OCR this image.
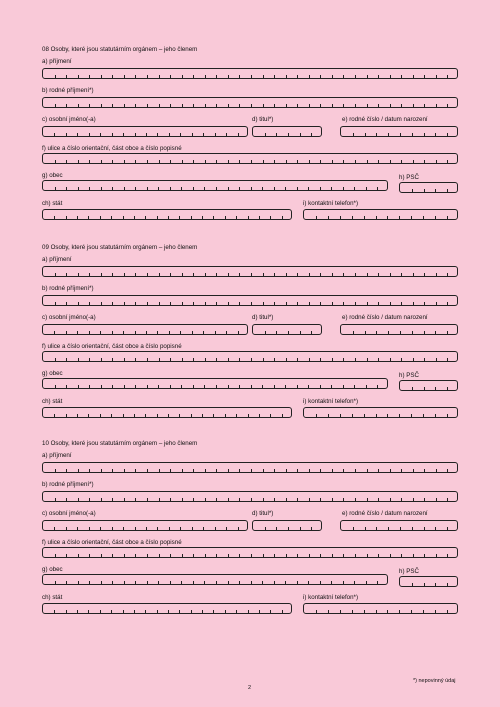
08 Osoby, které jsou statutárním orgánem – jeho členem
a) příjmení
b) rodné příjmení*)
c) osobní jméno(-a)	d) titul*)	e) rodné číslo / datum narození
f) ulice a číslo orientační, část obce a číslo popisné
g) obec	h) PSČ
ch) stát	i) kontaktní telefon*)
09 Osoby, které jsou statutárním orgánem – jeho členem
a) příjmení
b) rodné příjmení*)
c) osobní jméno(-a)	d) titul*)	e) rodné číslo / datum narození
f) ulice a číslo orientační, část obce a číslo popisné
g) obec	h) PSČ
ch) stát	i) kontaktní telefon*)
10 Osoby, které jsou statutárním orgánem – jeho členem
a) příjmení
b) rodné příjmení*)
c) osobní jméno(-a)	d) titul*)	e) rodné číslo / datum narození
f) ulice a číslo orientační, část obce a číslo popisné
g) obec	h) PSČ
ch) stát	i) kontaktní telefon*)
*) nepovinný údaj
2
